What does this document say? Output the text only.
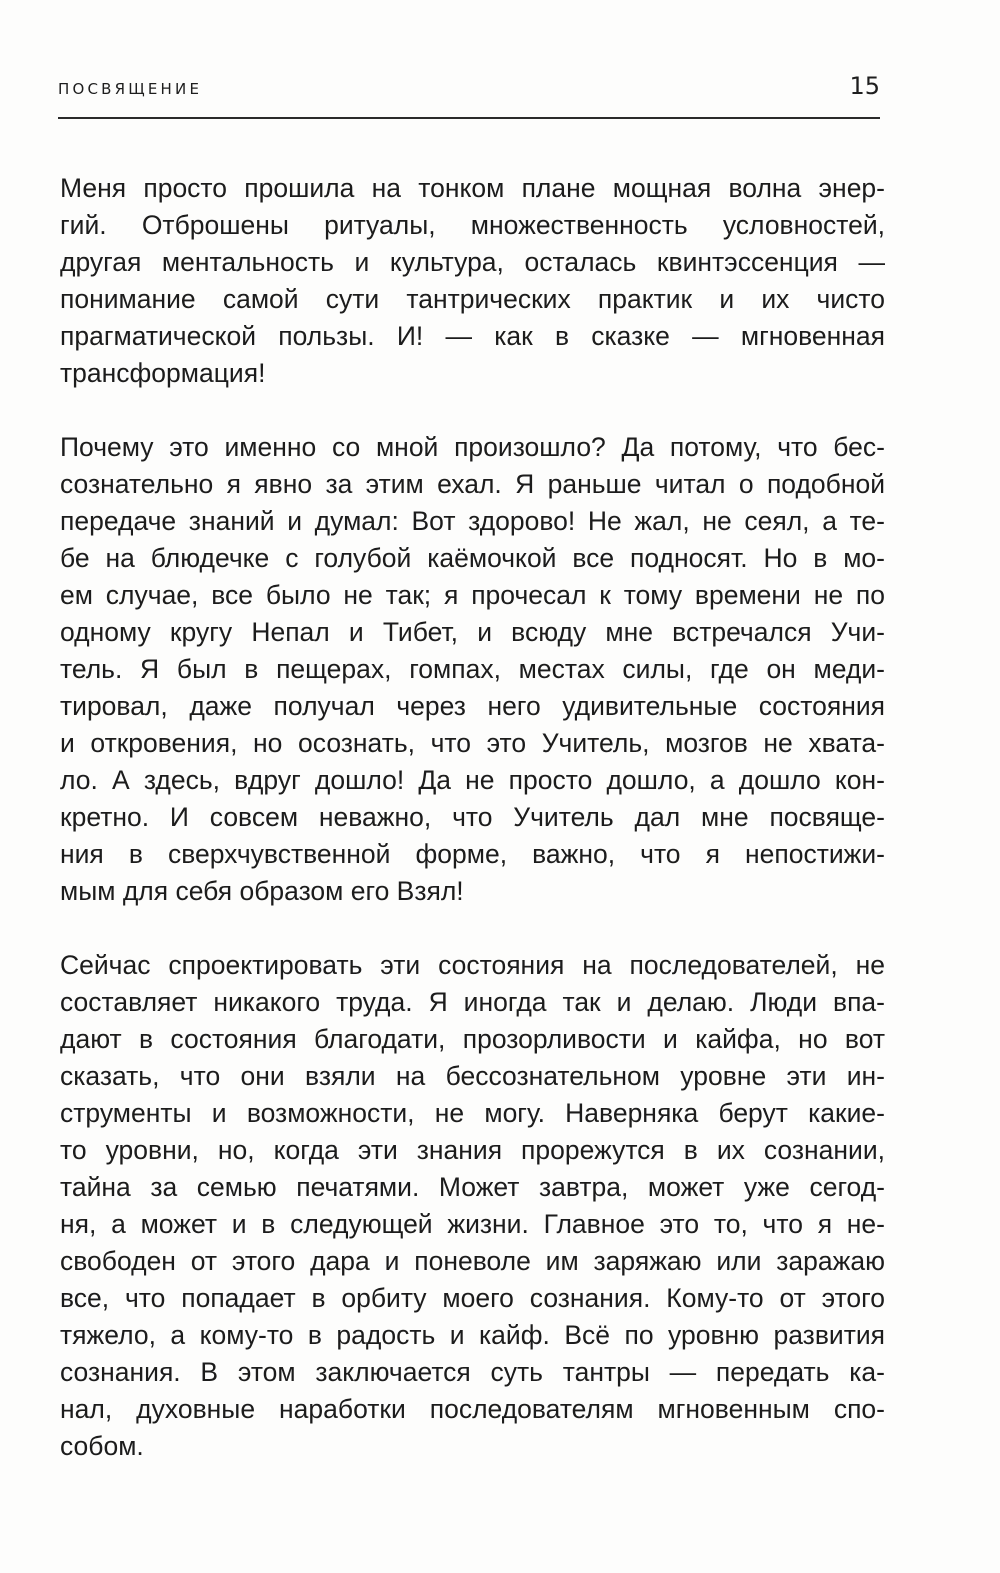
ПОСВЯЩЕНИЕ	15

Меня просто прошила на тонком плане мощная волна энер-
гий. Отброшены ритуалы, множественность условностей,
другая ментальность и культура, осталась квинтэссенция —
понимание самой сути тантрических практик и их чисто
прагматической пользы. И! — как в сказке — мгновенная
трансформация!

Почему это именно со мной произошло? Да потому, что бес-
сознательно я явно за этим ехал. Я раньше читал о подобной
передаче знаний и думал: Вот здорово! Не жал, не сеял, а те-
бе на блюдечке с голубой каёмочкой все подносят. Но в мо-
ем случае, все было не так; я прочесал к тому времени не по
одному кругу Непал и Тибет, и всюду мне встречался Учи-
тель. Я был в пещерах, гомпах, местах силы, где он меди-
тировал, даже получал через него удивительные состояния
и откровения, но осознать, что это Учитель, мозгов не хвата-
ло. А здесь, вдруг дошло! Да не просто дошло, а дошло кон-
кретно. И совсем неважно, что Учитель дал мне посвяще-
ния в сверхчувственной форме, важно, что я непостижи-
мым для себя образом его Взял!

Сейчас спроектировать эти состояния на последователей, не
составляет никакого труда. Я иногда так и делаю. Люди впа-
дают в состояния благодати, прозорливости и кайфа, но вот
сказать, что они взяли на бессознательном уровне эти ин-
струменты и возможности, не могу. Наверняка берут какие-
то уровни, но, когда эти знания прорежутся в их сознании,
тайна за семью печатями. Может завтра, может уже сегод-
ня, а может и в следующей жизни. Главное это то, что я не-
свободен от этого дара и поневоле им заряжаю или заражаю
все, что попадает в орбиту моего сознания. Кому-то от этого
тяжело, а кому-то в радость и кайф. Всё по уровню развития
сознания. В этом заключается суть тантры — передать ка-
нал, духовные наработки последователям мгновенным спо-
собом.
